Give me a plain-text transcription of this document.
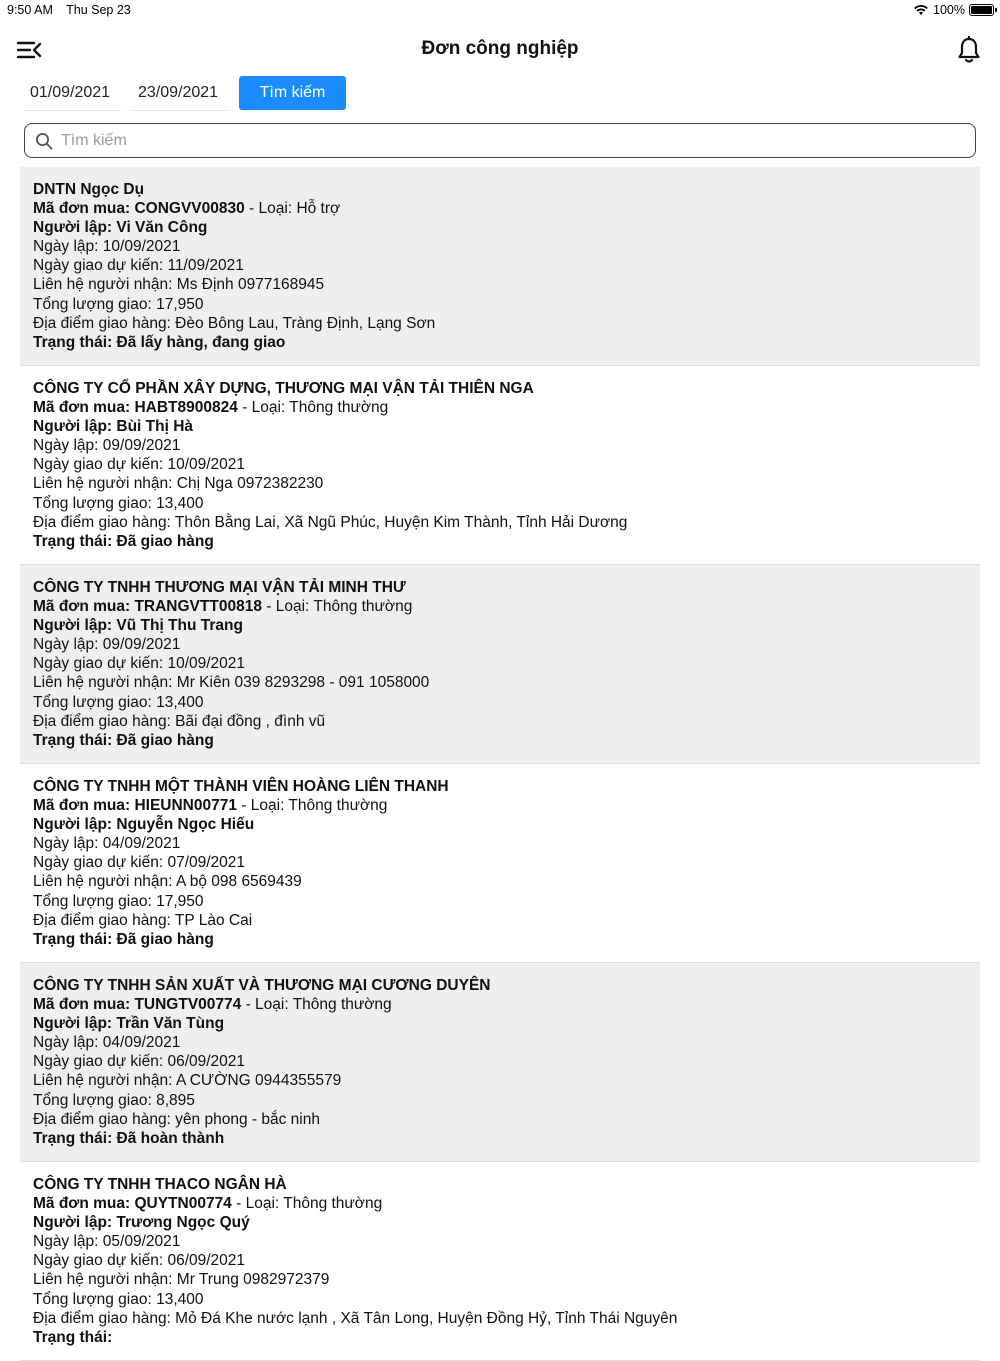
9:50 AM Thu Sep 23	100%
Đơn công nghiệp
01/09/2021
23/09/2021
Tìm kiếm
Tìm kiếm
DNTN Ngọc Dụ
Mã đơn mua: CONGVV00830 - Loại: Hỗ trợ
Người lập: Vi Văn Công
Ngày lập: 10/09/2021
Ngày giao dự kiến: 11/09/2021
Liên hệ người nhận: Ms Định 0977168945
Tổng lượng giao: 17,950
Địa điểm giao hàng: Đèo Bông Lau, Tràng Định, Lạng Sơn
Trạng thái: Đã lấy hàng, đang giao
CÔNG TY CỔ PHẦN XÂY DỰNG, THƯƠNG MẠI VẬN TẢI THIÊN NGA
Mã đơn mua: HABT8900824 - Loại: Thông thường
Người lập: Bùi Thị Hà
Ngày lập: 09/09/2021
Ngày giao dự kiến: 10/09/2021
Liên hệ người nhận: Chị Nga 0972382230
Tổng lượng giao: 13,400
Địa điểm giao hàng: Thôn Bằng Lai, Xã Ngũ Phúc, Huyện Kim Thành, Tỉnh Hải Dương
Trạng thái: Đã giao hàng
CÔNG TY TNHH THƯƠNG MẠI VẬN TẢI MINH THƯ
Mã đơn mua: TRANGVTT00818 - Loại: Thông thường
Người lập: Vũ Thị Thu Trang
Ngày lập: 09/09/2021
Ngày giao dự kiến: 10/09/2021
Liên hệ người nhận: Mr Kiên 039 8293298 - 091 1058000
Tổng lượng giao: 13,400
Địa điểm giao hàng: Bãi đại đồng , đình vũ
Trạng thái: Đã giao hàng
CÔNG TY TNHH MỘT THÀNH VIÊN HOÀNG LIÊN THANH
Mã đơn mua: HIEUNN00771 - Loại: Thông thường
Người lập: Nguyễn Ngọc Hiếu
Ngày lập: 04/09/2021
Ngày giao dự kiến: 07/09/2021
Liên hệ người nhận: A bộ 098 6569439
Tổng lượng giao: 17,950
Địa điểm giao hàng: TP Lào Cai
Trạng thái: Đã giao hàng
CÔNG TY TNHH SẢN XUẤT VÀ THƯƠNG MẠI CƯƠNG DUYÊN
Mã đơn mua: TUNGTV00774 - Loại: Thông thường
Người lập: Trần Văn Tùng
Ngày lập: 04/09/2021
Ngày giao dự kiến: 06/09/2021
Liên hệ người nhận: A CƯỜNG 0944355579
Tổng lượng giao: 8,895
Địa điểm giao hàng: yên phong - bắc ninh
Trạng thái: Đã hoàn thành
CÔNG TY TNHH THACO NGÂN HÀ
Mã đơn mua: QUYTN00774 - Loại: Thông thường
Người lập: Trương Ngọc Quý
Ngày lập: 05/09/2021
Ngày giao dự kiến: 06/09/2021
Liên hệ người nhận: Mr Trung 0982972379
Tổng lượng giao: 13,400
Địa điểm giao hàng: Mỏ Đá Khe nước lạnh , Xã Tân Long, Huyện Đồng Hỷ, Tỉnh Thái Nguyên
Trạng thái:
